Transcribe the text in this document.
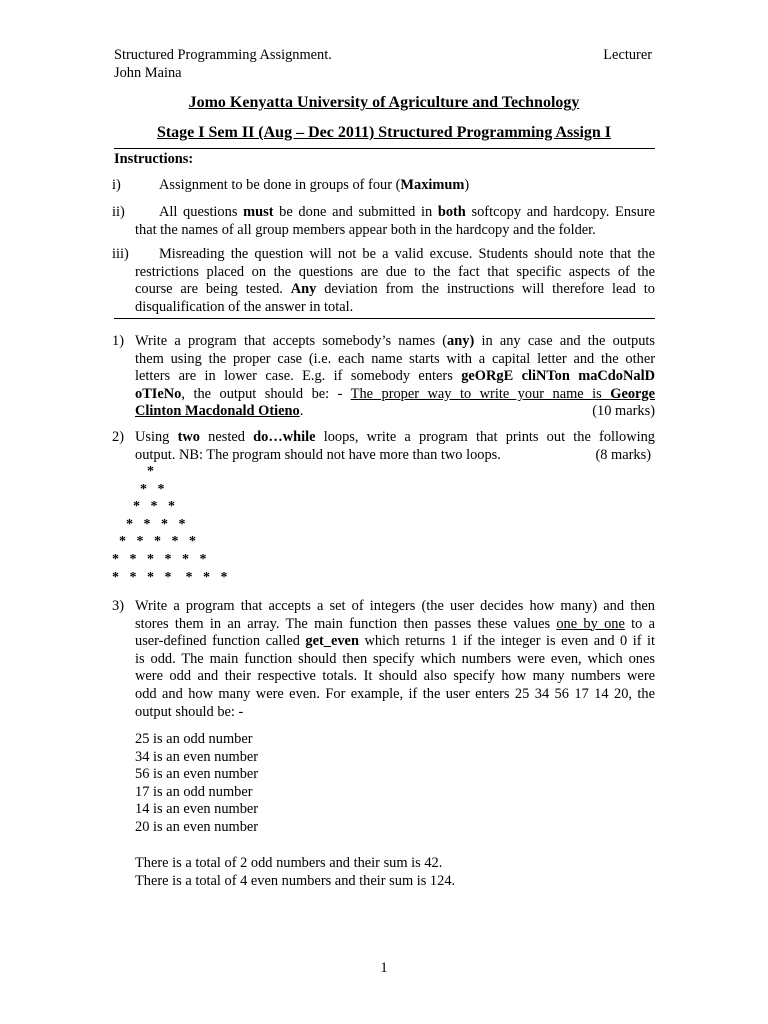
Structured Programming Assignment.
John Maina
Lecturer
Jomo Kenyatta University of Agriculture and Technology
Stage I Sem II (Aug – Dec 2011) Structured Programming Assign I
Instructions:
i)	Assignment to be done in groups of four (Maximum)
ii)	All questions must be done and submitted in both softcopy and hardcopy. Ensure
that the names of all group members appear both in the hardcopy and the folder.
iii)	Misreading the question will not be a valid excuse. Students should note that the
restrictions placed on the questions are due to the fact that specific aspects of the
course are being tested. Any deviation from the instructions will therefore lead to
disqualification of the answer in total.
1) Write a program that accepts somebody’s names (any) in any case and the outputs
them using the proper case (i.e. each name starts with a capital letter and the other
letters are in lower case. E.g. if somebody enters geORgE cliNTon maCdoNalD
oTIeNo, the output should be: - The proper way to write your name is George
Clinton Macdonald Otieno.	(10 marks)
2) Using two nested do…while loops, write a program that prints out the following
output. NB: The program should not have more than two loops.	(8 marks)
*
*   *
*   *   *
*   *   *   *
*   *   *   *   *
*   *   *   *   *   *
*   *   *   *    *   *   *
3) Write a program that accepts a set of integers (the user decides how many) and then
stores them in an array. The main function then passes these values one by one to a
user-defined function called get_even which returns 1 if the integer is even and 0 if it
is odd. The main function should then specify which numbers were even, which ones
were odd and their respective totals. It should also specify how many numbers were
odd and how many were even. For example, if the user enters 25 34 56 17 14 20, the
output should be: -
25 is an odd number
34 is an even number
56 is an even number
17 is an odd number
14 is an even number
20 is an even number
There is a total of 2 odd numbers and their sum is 42.
There is a total of 4 even numbers and their sum is 124.
1
